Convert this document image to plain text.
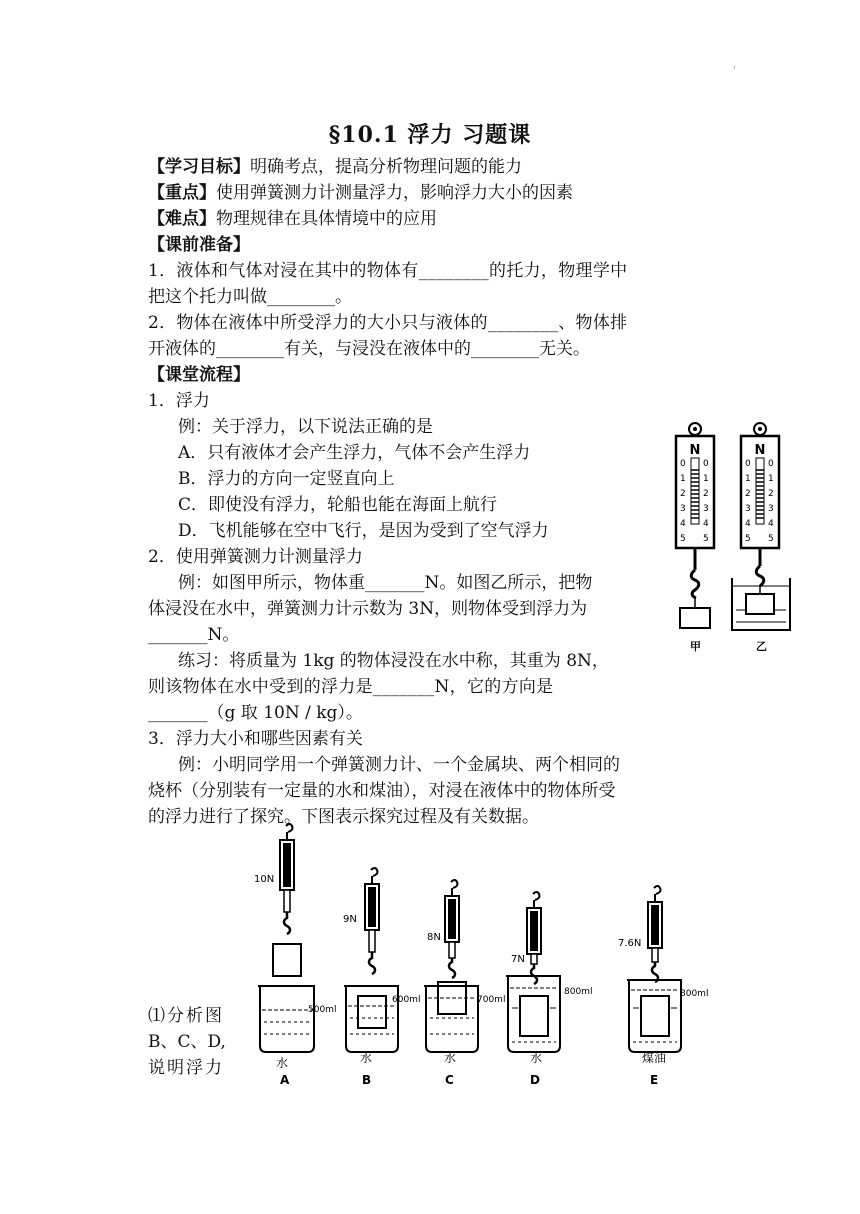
'
§10.1 浮力 习题课
【学习目标】明确考点，提高分析物理问题的能力
【重点】使用弹簧测力计测量浮力，影响浮力大小的因素
【难点】物理规律在具体情境中的应用
【课前准备】
1．液体和气体对浸在其中的物体有________的托力，物理学中
把这个托力叫做________。
2．物体在液体中所受浮力的大小只与液体的________、物体排
开液体的________有关，与浸没在液体中的________无关。
【课堂流程】
1．浮力
例：关于浮力，以下说法正确的是
A．只有液体才会产生浮力，气体不会产生浮力
B．浮力的方向一定竖直向上
C．即使没有浮力，轮船也能在海面上航行
D．飞机能够在空中飞行，是因为受到了空气浮力
2．使用弹簧测力计测量浮力
例：如图甲所示，物体重_______N。如图乙所示，把物
体浸没在水中，弹簧测力计示数为 3N，则物体受到浮力为
_______N。
练习：将质量为 1kg 的物体浸没在水中称，其重为 8N，
则该物体在水中受到的浮力是_______N，它的方向是
_______（g 取 10N / kg）。
3．浮力大小和哪些因素有关
例：小明同学用一个弹簧测力计、一个金属块、两个相同的
烧杯（分别装有一定量的水和煤油），对浸在液体中的物体所受
的浮力进行了探究。下图表示探究过程及有关数据。
⑴分析图
B、C、D,
说明浮力
N
0
1
2
3
4
5
0
1
2
3
4
5
甲
N
0
1
2
3
4
5
0
1
2
3
4
5
乙
10N
500ml
水
A
9N
600ml
水
B
8N
700ml
水
C
7N
800ml
水
D
7.6N
800ml
煤油
E
